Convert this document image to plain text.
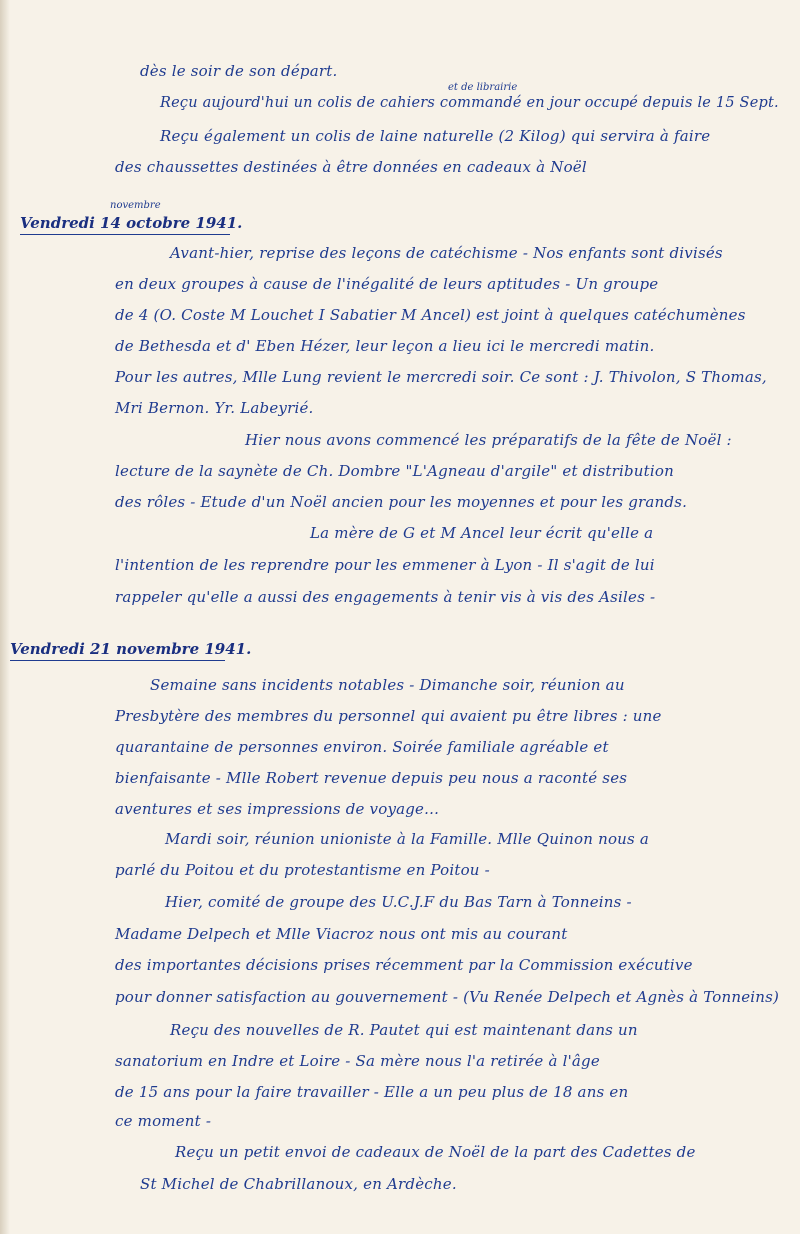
dès le soir de son départ.
et de librairie
Reçu aujourd'hui un colis de cahiers commandé en jour occupé depuis le 15 Sept.
Reçu également un colis de laine naturelle (2 Kilog) qui servira à faire
des chaussettes destinées à être données en cadeaux à Noël
novembre
Vendredi 14 octobre 1941.
Avant-hier, reprise des leçons de catéchisme - Nos enfants sont divisés
en deux groupes à cause de l'inégalité de leurs aptitudes - Un groupe
de 4 (O. Coste M Louchet I Sabatier M Ancel) est joint à quelques catéchumènes
de Bethesda et d' Eben Hézer, leur leçon a lieu ici le mercredi matin.
Pour les autres, Mlle Lung revient le mercredi soir. Ce sont : J. Thivolon, S Thomas,
Mri Bernon. Yr. Labeyrié.
Hier nous avons commencé les préparatifs de la fête de Noël :
lecture de la saynète de Ch. Dombre "L'Agneau d'argile" et distribution
des rôles - Etude d'un Noël ancien pour les moyennes et pour les grands.
La mère de G et M Ancel leur écrit qu'elle a
l'intention de les reprendre pour les emmener à Lyon - Il s'agit de lui
rappeler qu'elle a aussi des engagements à tenir vis à vis des Asiles -
Vendredi 21 novembre 1941.
Semaine sans incidents notables - Dimanche soir, réunion au
Presbytère des membres du personnel qui avaient pu être libres : une
quarantaine de personnes environ. Soirée familiale agréable et
bienfaisante - Mlle Robert revenue depuis peu nous a raconté ses
aventures et ses impressions de voyage...
Mardi soir, réunion unioniste à la Famille. Mlle Quinon nous a
parlé du Poitou et du protestantisme en Poitou -
Hier, comité de groupe des U.C.J.F du Bas Tarn à Tonneins -
Madame Delpech et Mlle Viacroz nous ont mis au courant
des importantes décisions prises récemment par la Commission exécutive
pour donner satisfaction au gouvernement - (Vu Renée Delpech et Agnès à Tonneins)
Reçu des nouvelles de R. Pautet qui est maintenant dans un
sanatorium en Indre et Loire - Sa mère nous l'a retirée à l'âge
de 15 ans pour la faire travailler - Elle a un peu plus de 18 ans en
ce moment -
Reçu un petit envoi de cadeaux de Noël de la part des Cadettes de
St Michel de Chabrillanoux, en Ardèche.
